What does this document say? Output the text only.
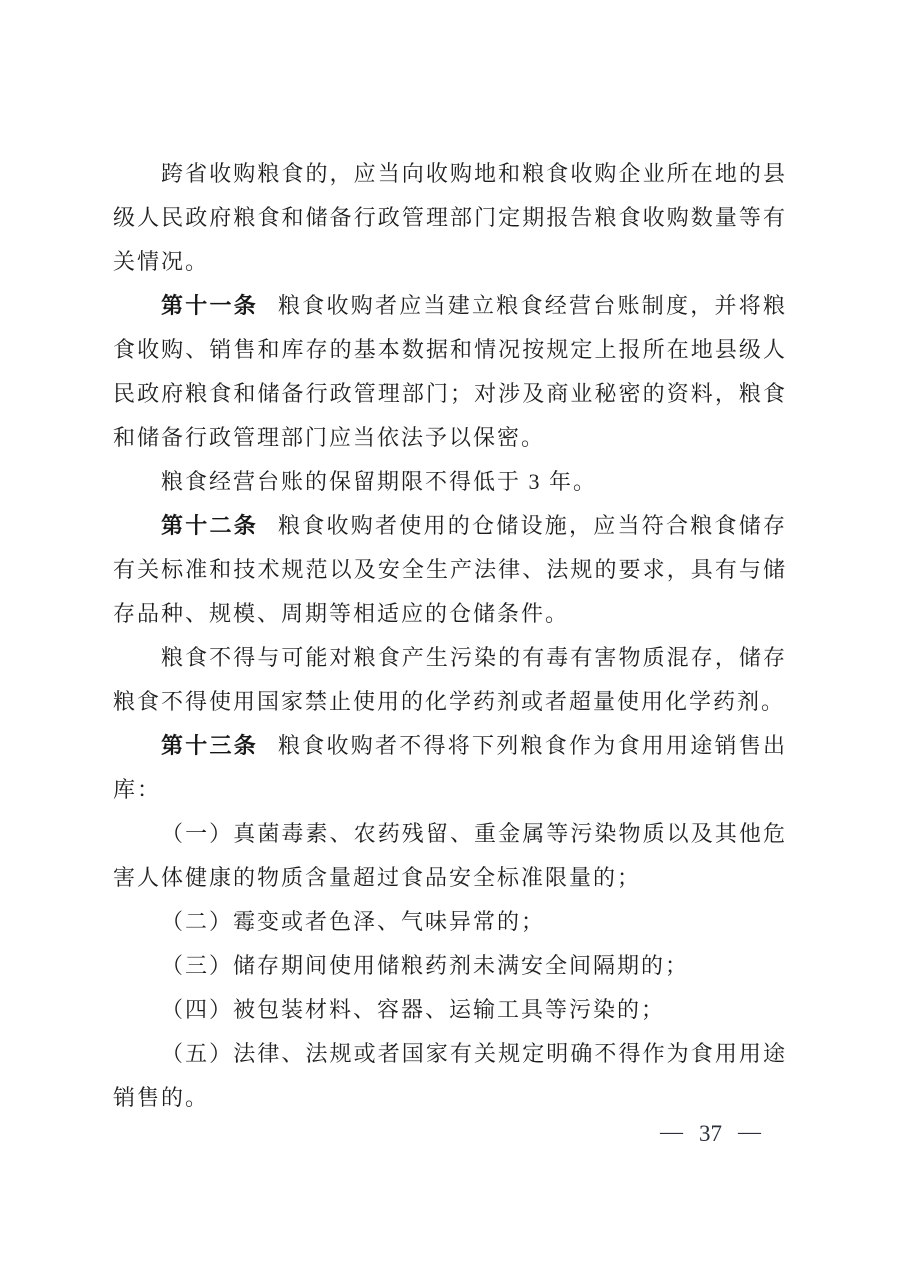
跨省收购粮食的，应当向收购地和粮食收购企业所在地的县级人民政府粮食和储备行政管理部门定期报告粮食收购数量等有关情况。

第十一条 粮食收购者应当建立粮食经营台账制度，并将粮食收购、销售和库存的基本数据和情况按规定上报所在地县级人民政府粮食和储备行政管理部门；对涉及商业秘密的资料，粮食和储备行政管理部门应当依法予以保密。

粮食经营台账的保留期限不得低于 3 年。

第十二条 粮食收购者使用的仓储设施，应当符合粮食储存有关标准和技术规范以及安全生产法律、法规的要求，具有与储存品种、规模、周期等相适应的仓储条件。

粮食不得与可能对粮食产生污染的有毒有害物质混存，储存粮食不得使用国家禁止使用的化学药剂或者超量使用化学药剂。

第十三条 粮食收购者不得将下列粮食作为食用用途销售出库：

（一）真菌毒素、农药残留、重金属等污染物质以及其他危害人体健康的物质含量超过食品安全标准限量的；

（二）霉变或者色泽、气味异常的；

（三）储存期间使用储粮药剂未满安全间隔期的；

（四）被包装材料、容器、运输工具等污染的；

（五）法律、法规或者国家有关规定明确不得作为食用用途销售的。

— 37 —
